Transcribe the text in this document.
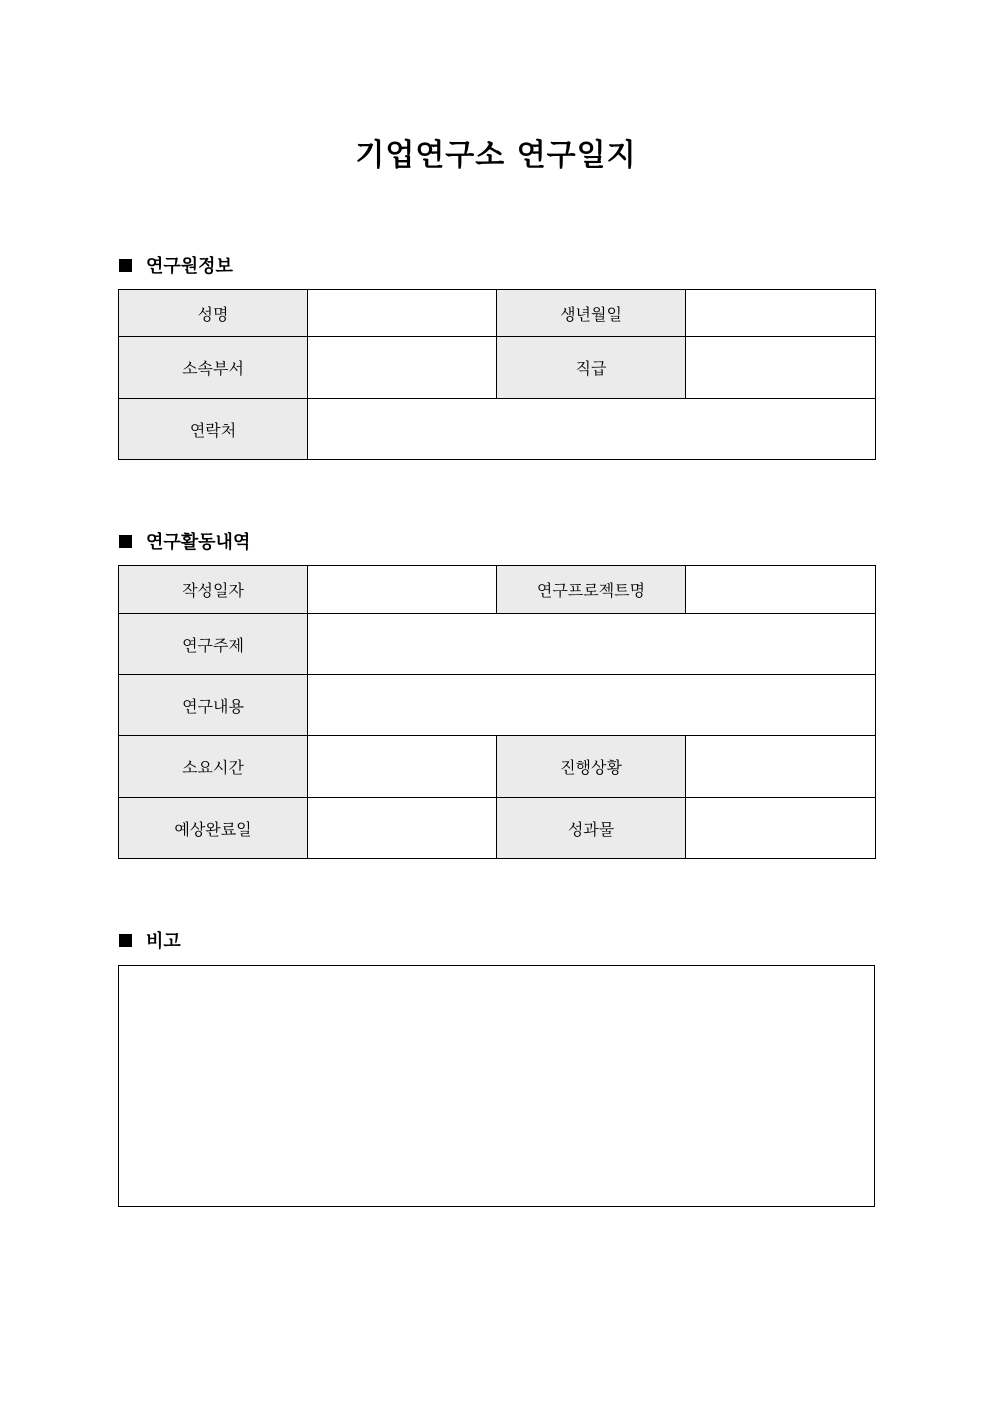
기업연구소 연구일지
연구원정보
성명		생년월일	
소속부서		직급	
연락처			
연구활동내역
작성일자		연구프로젝트명	
연구주제			
연구내용			
소요시간		진행상황	
예상완료일		성과물	
비고
